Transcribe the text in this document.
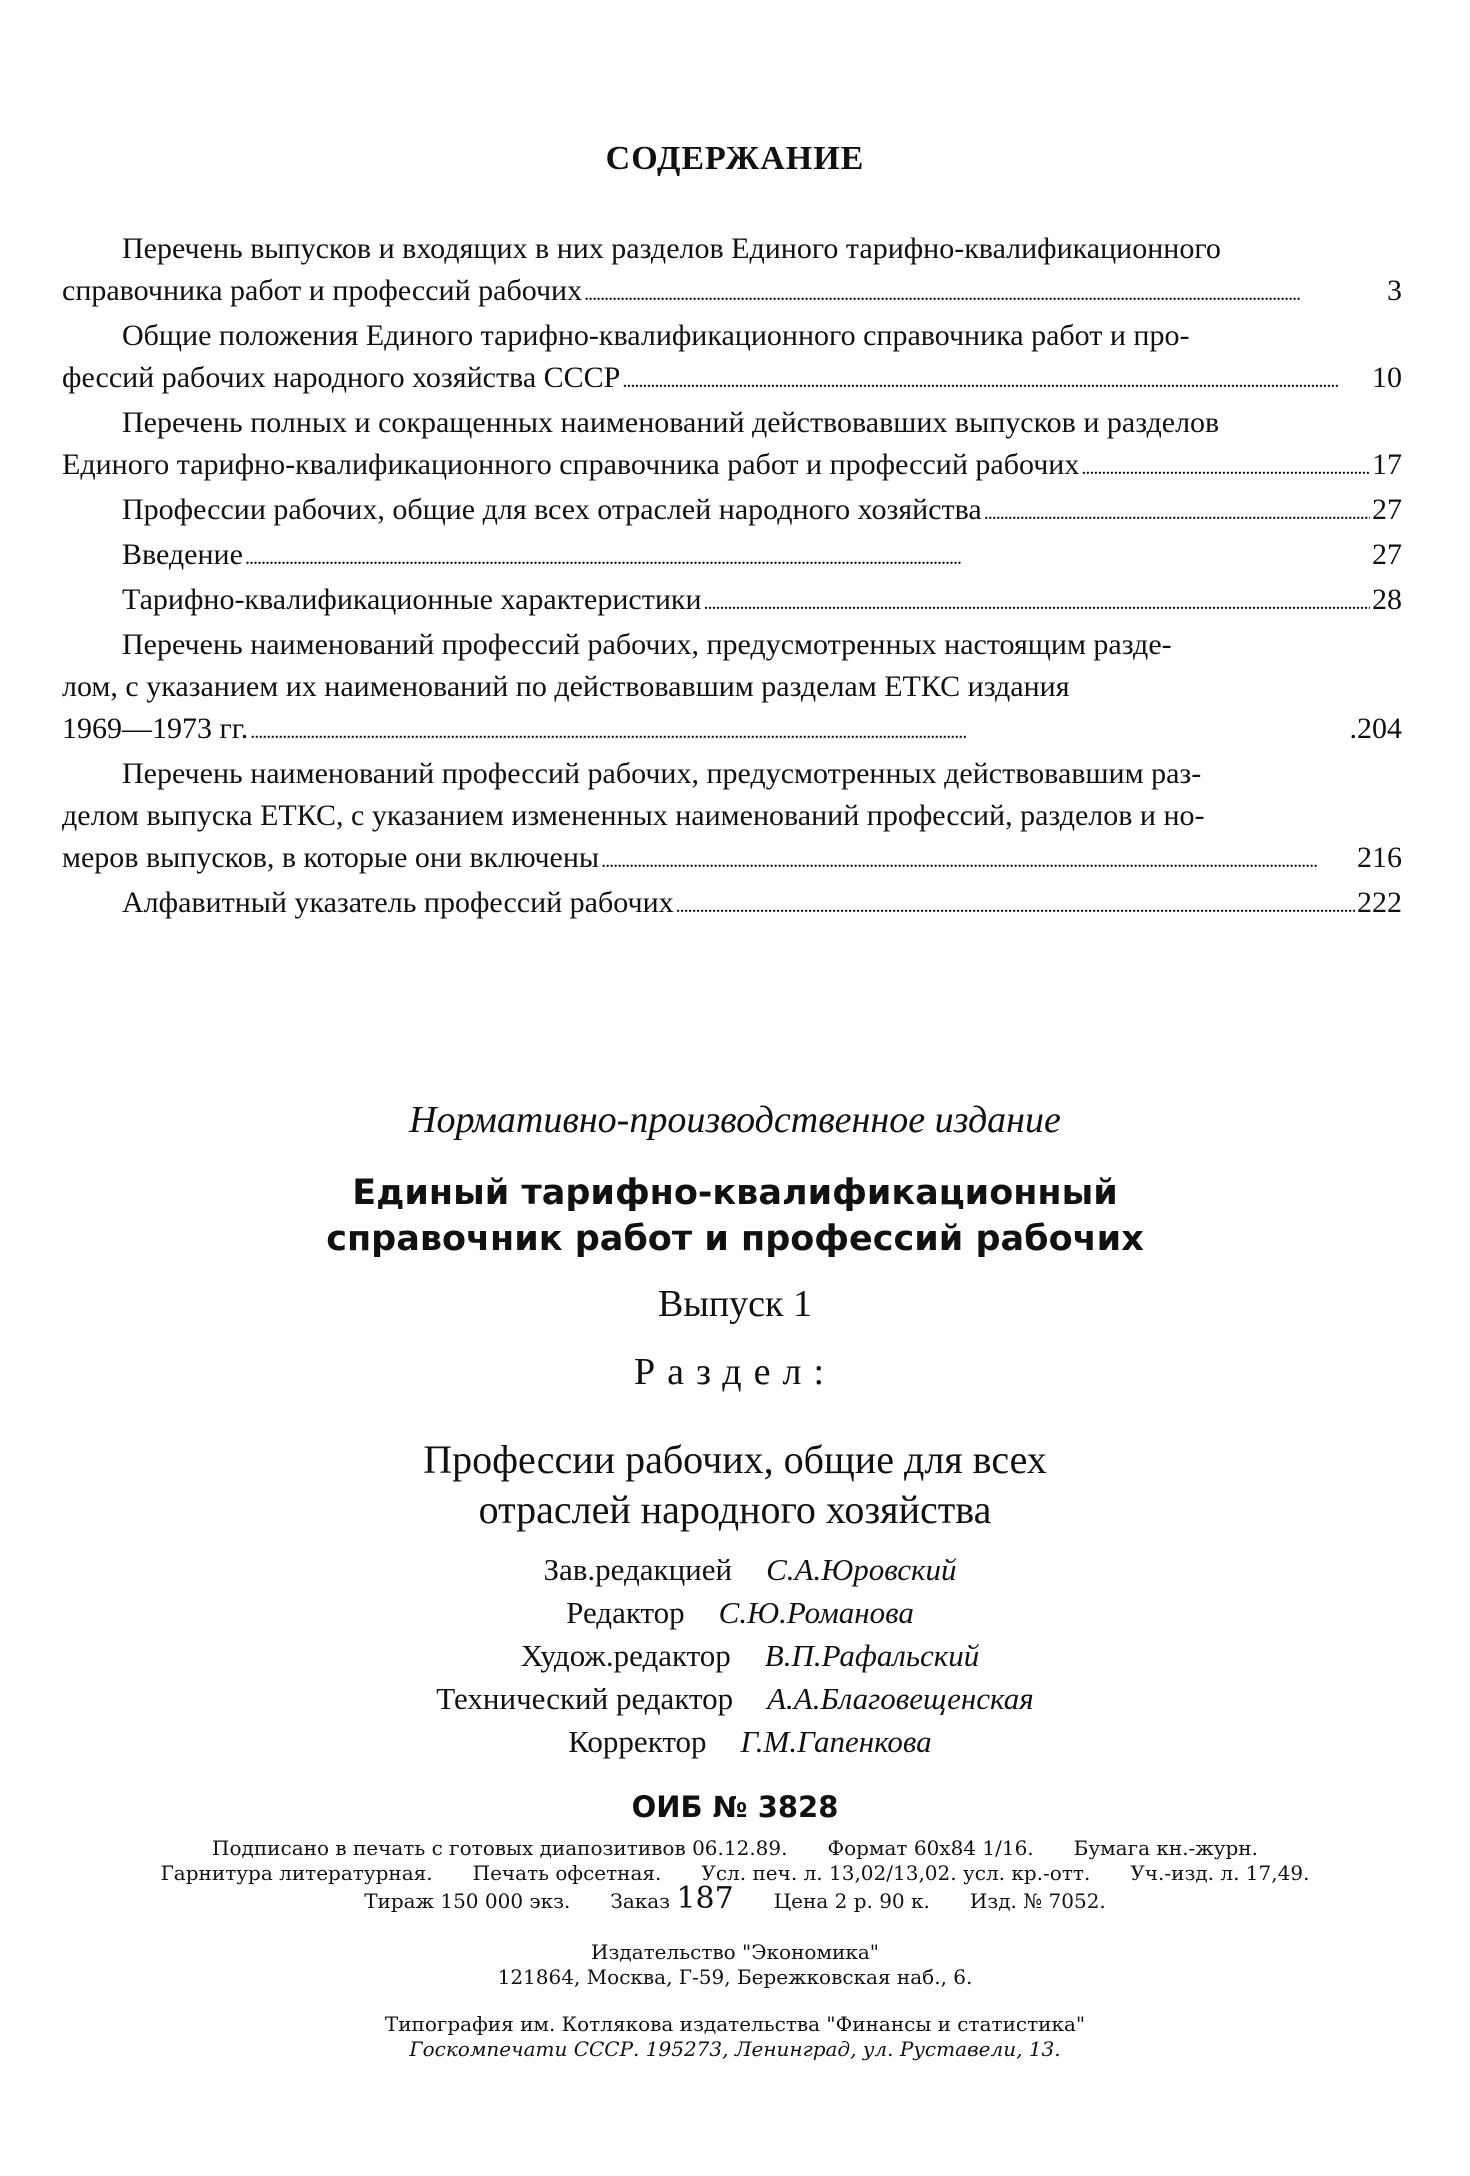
СОДЕРЖАНИЕ
Перечень выпусков и входящих в них разделов Единого тарифно-квалификационного
справочника работ и профессий рабочих . . .	3
Общие положения Единого тарифно-квалификационного справочника работ и про-
фессий рабочих народного хозяйства СССР . . .	10
Перечень полных и сокращенных наименований действовавших выпусков и разделов
Единого тарифно-квалификационного справочника работ и профессий рабочих . . .	17
Профессии рабочих, общие для всех отраслей народного хозяйства . . .	27
Введение . . .	27
Тарифно-квалификационные характеристики . . .	28
Перечень наименований профессий рабочих, предусмотренных настоящим разде-
лом, с указанием их наименований по действовавшим разделам ЕТКС издания
1969—1973 гг. . . .	.204
Перечень наименований профессий рабочих, предусмотренных действовавшим раз-
делом выпуска ЕТКС, с указанием измененных наименований профессий, разделов и но-
меров выпусков, в которые они включены . . .	216
Алфавитный указатель профессий рабочих . . .	222
Нормативно-производственное издание
Единый тарифно-квалификационный
справочник работ и профессий рабочих
Выпуск 1
Раздел:
Профессии рабочих, общие для всех
отраслей народного хозяйства
Зав.редакцией	С.А.Юровский
Редактор	С.Ю.Романова
Худож.редактор	В.П.Рафальский
Технический редактор	А.А.Благовещенская
Корректор	Г.М.Гапенкова
ОИБ № 3828
Подписано в печать с готовых диапозитивов 06.12.89. Формат 60х84 1/16. Бумага кн.-журн.
Гарнитура литературная. Печать офсетная. Усл. печ. л. 13,02/13,02. усл. кр.-отт. Уч.-изд. л. 17,49.
Тираж 150 000 экз. Заказ 187 Цена 2 р. 90 к. Изд. № 7052.
Издательство "Экономика"
121864, Москва, Г-59, Бережковская наб., 6.
Типография им. Котлякова издательства "Финансы и статистика"
Госкомпечати СССР. 195273, Ленинград, ул. Руставели, 13.
